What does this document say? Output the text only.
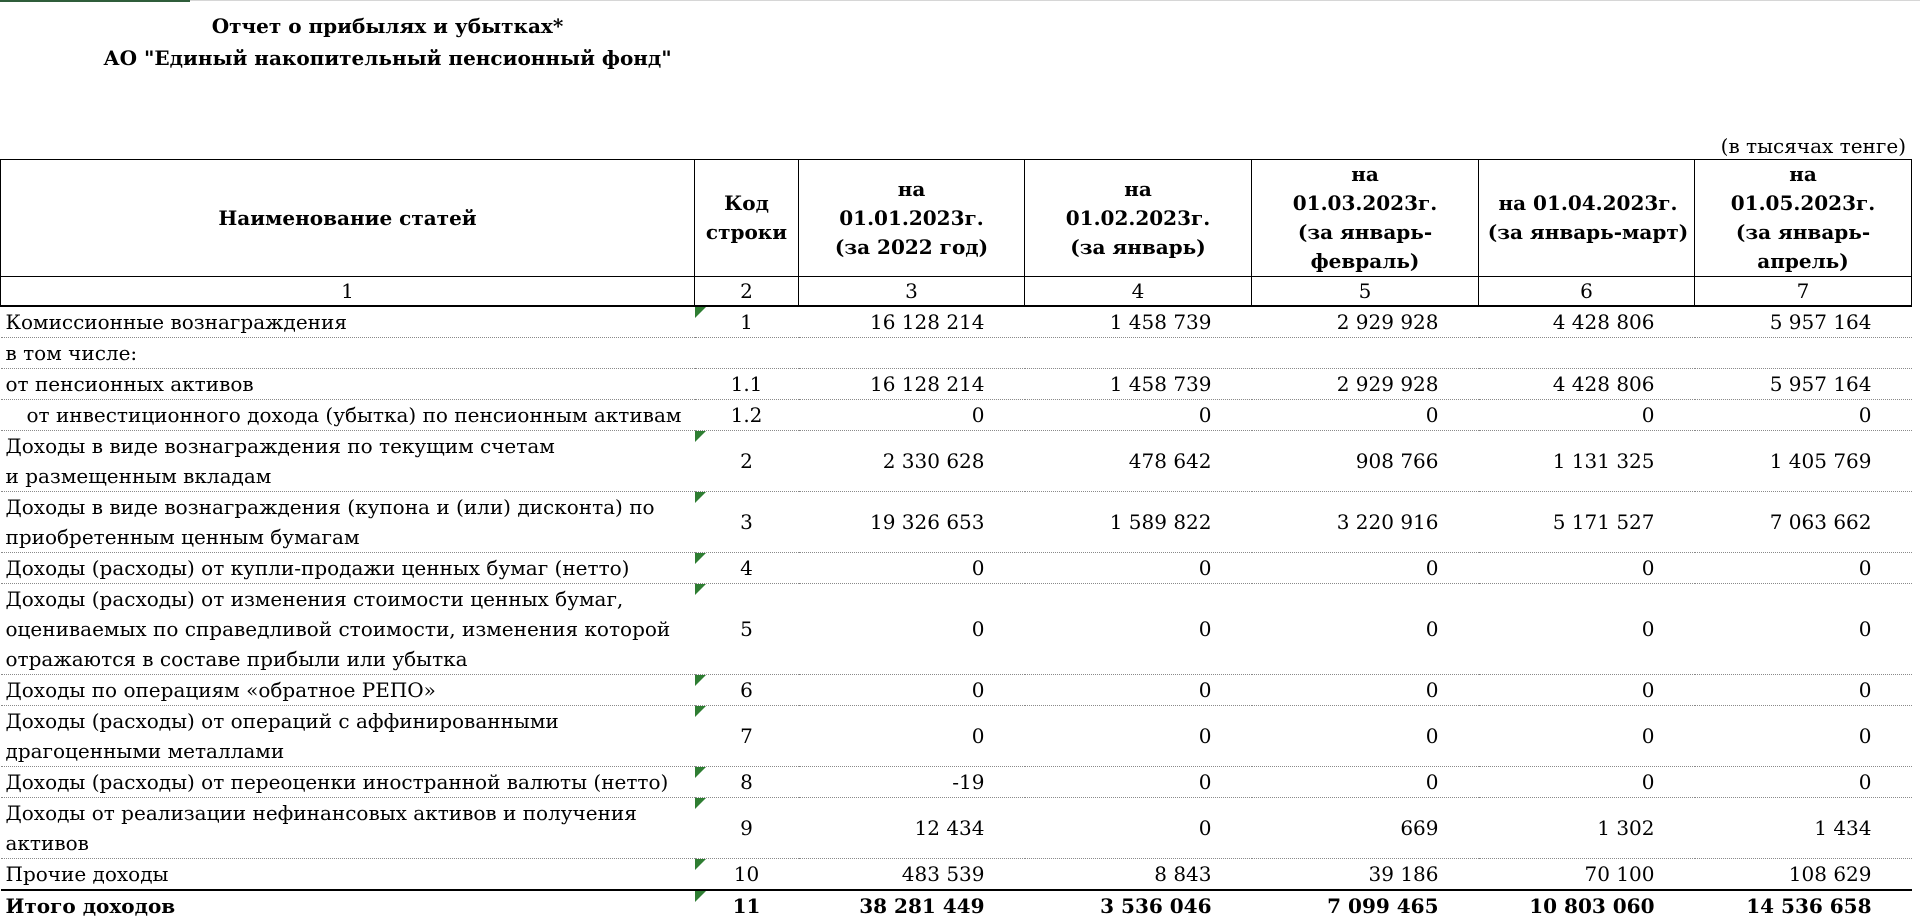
Отчет о прибылях и убытках*
АО "Единый накопительный пенсионный фонд"
(в тысячах тенге)
Наименование статей	Код строки	на 01.01.2023г. (за 2022 год)	на 01.02.2023г. (за январь)	на 01.03.2023г. (за январь-февраль)	на 01.04.2023г. (за январь-март)	на 01.05.2023г. (за январь-апрель)

1	2	3	4	5	6	7
Комиссионные вознаграждения	1	16 128 214	1 458 739	2 929 928	4 428 806	5 957 164
в том числе:						
от пенсионных активов	1.1	16 128 214	1 458 739	2 929 928	4 428 806	5 957 164
от инвестиционного дохода (убытка) по пенсионным активам	1.2	0	0	0	0	0
Доходы в виде вознаграждения по текущим счетам
и размещенным вкладам	2	2 330 628	478 642	908 766	1 131 325	1 405 769
Доходы в виде вознаграждения (купона и (или) дисконта) по
приобретенным ценным бумагам	3	19 326 653	1 589 822	3 220 916	5 171 527	7 063 662
Доходы (расходы) от купли-продажи ценных бумаг (нетто)	4	0	0	0	0	0
Доходы (расходы) от изменения стоимости ценных бумаг,
оцениваемых по справедливой стоимости, изменения которой
отражаются в составе прибыли или убытка	5	0	0	0	0	0
Доходы по операциям «обратное РЕПО»	6	0	0	0	0	0
Доходы (расходы) от операций с аффинированными
драгоценными металлами	7	0	0	0	0	0
Доходы (расходы) от переоценки иностранной валюты (нетто)	8	-19	0	0	0	0
Доходы от реализации нефинансовых активов и получения
активов	9	12 434	0	669	1 302	1 434
Прочие доходы	10	483 539	8 843	39 186	70 100	108 629
Итого доходов	11	38 281 449	3 536 046	7 099 465	10 803 060	14 536 658
